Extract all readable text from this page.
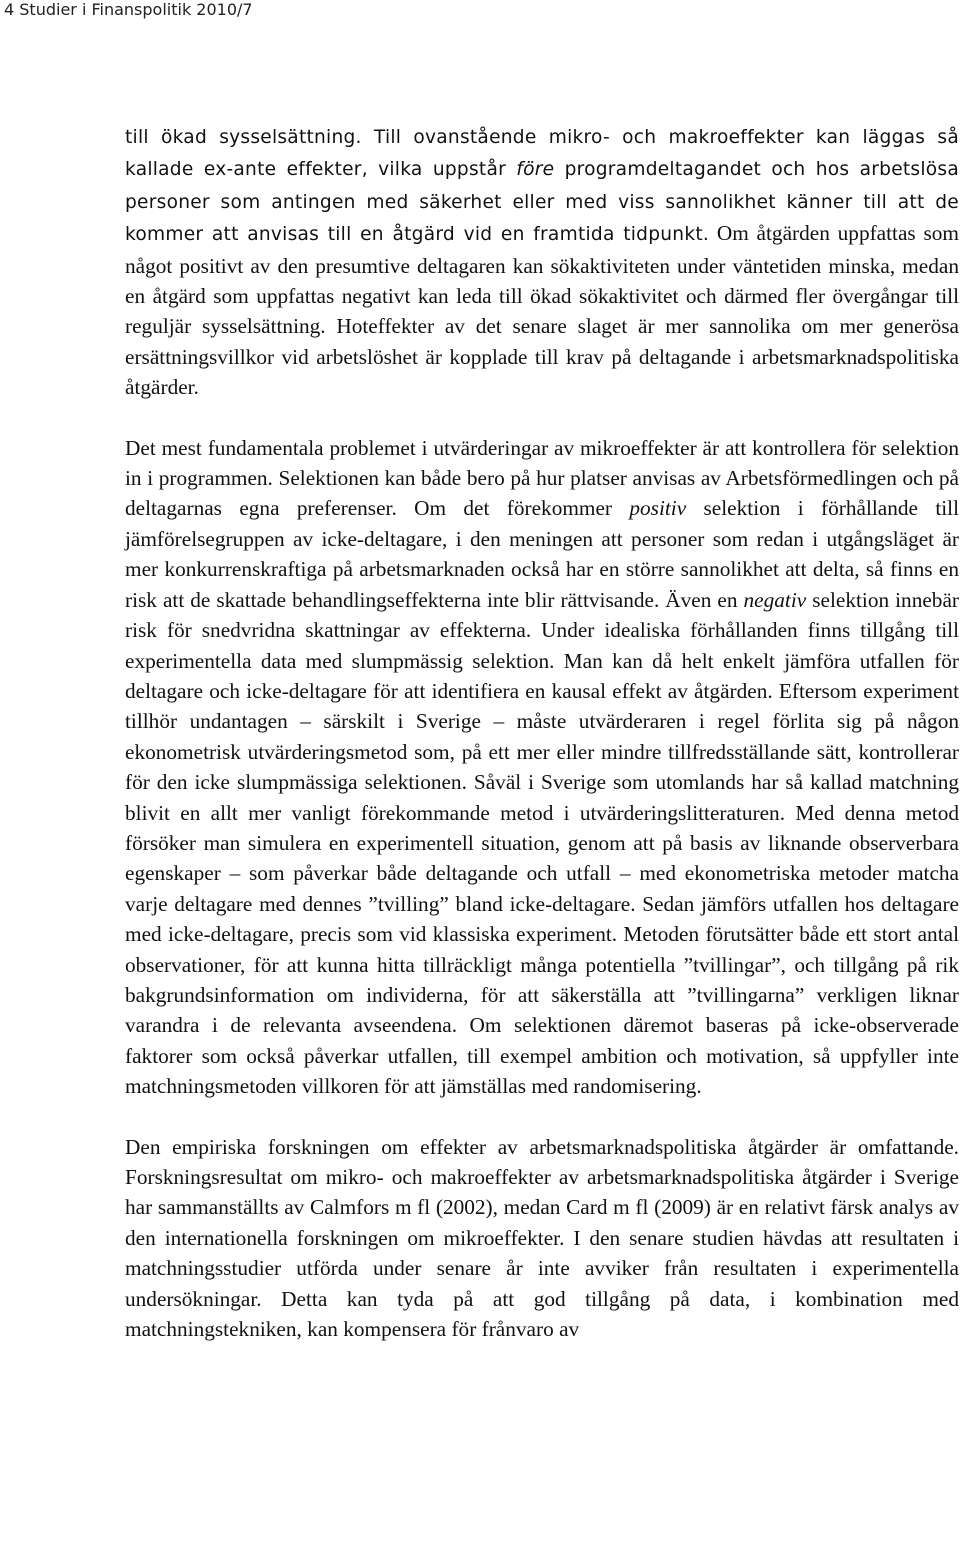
4 Studier i Finanspolitik 2010/7

till ökad sysselsättning. Till ovanstående mikro- och makroeffekter kan läggas så kallade ex-ante effekter, vilka uppstår före programdeltagandet och hos arbetslösa personer som antingen med säkerhet eller med viss sannolikhet känner till att de kommer att anvisas till en åtgärd vid en framtida tidpunkt. Om åtgärden uppfattas som något positivt av den presumtive deltagaren kan sökaktiviteten under väntetiden minska, medan en åtgärd som uppfattas negativt kan leda till ökad sökaktivitet och därmed fler övergångar till reguljär sysselsättning. Hoteffekter av det senare slaget är mer sannolika om mer generösa ersättningsvillkor vid arbetslöshet är kopplade till krav på deltagande i arbetsmarknadspolitiska åtgärder.

Det mest fundamentala problemet i utvärderingar av mikroeffekter är att kontrollera för selektion in i programmen. Selektionen kan både bero på hur platser anvisas av Arbetsförmedlingen och på deltagarnas egna preferenser. Om det förekommer positiv selektion i förhållande till jämförelsegruppen av icke-deltagare, i den meningen att personer som redan i utgångsläget är mer konkurrenskraftiga på arbetsmarknaden också har en större sannolikhet att delta, så finns en risk att de skattade behandlingseffekterna inte blir rättvisande. Även en negativ selektion innebär risk för snedvridna skattningar av effekterna. Under idealiska förhållanden finns tillgång till experimentella data med slumpmässig selektion. Man kan då helt enkelt jämföra utfallen för deltagare och icke-deltagare för att identifiera en kausal effekt av åtgärden. Eftersom experiment tillhör undantagen – särskilt i Sverige – måste utvärderaren i regel förlita sig på någon ekonometrisk utvärderingsmetod som, på ett mer eller mindre tillfredsställande sätt, kontrollerar för den icke slumpmässiga selektionen. Såväl i Sverige som utomlands har så kallad matchning blivit en allt mer vanligt förekommande metod i utvärderingslitteraturen. Med denna metod försöker man simulera en experimentell situation, genom att på basis av liknande observerbara egenskaper – som påverkar både deltagande och utfall – med ekonometriska metoder matcha varje deltagare med dennes ”tvilling” bland icke-deltagare. Sedan jämförs utfallen hos deltagare med icke-deltagare, precis som vid klassiska experiment. Metoden förutsätter både ett stort antal observationer, för att kunna hitta tillräckligt många potentiella ”tvillingar”, och tillgång på rik bakgrundsinformation om individerna, för att säkerställa att ”tvillingarna” verkligen liknar varandra i de relevanta avseendena. Om selektionen däremot baseras på icke-observerade faktorer som också påverkar utfallen, till exempel ambition och motivation, så uppfyller inte matchningsmetoden villkoren för att jämställas med randomisering.

Den empiriska forskningen om effekter av arbetsmarknadspolitiska åtgärder är omfattande. Forskningsresultat om mikro- och makroeffekter av arbetsmarknadspolitiska åtgärder i Sverige har sammanställts av Calmfors m fl (2002), medan Card m fl (2009) är en relativt färsk analys av den internationella forskningen om mikroeffekter. I den senare studien hävdas att resultaten i matchningsstudier utförda under senare år inte avviker från resultaten i experimentella undersökningar. Detta kan tyda på att god tillgång på data, i kombination med matchningstekniken, kan kompensera för frånvaro av
